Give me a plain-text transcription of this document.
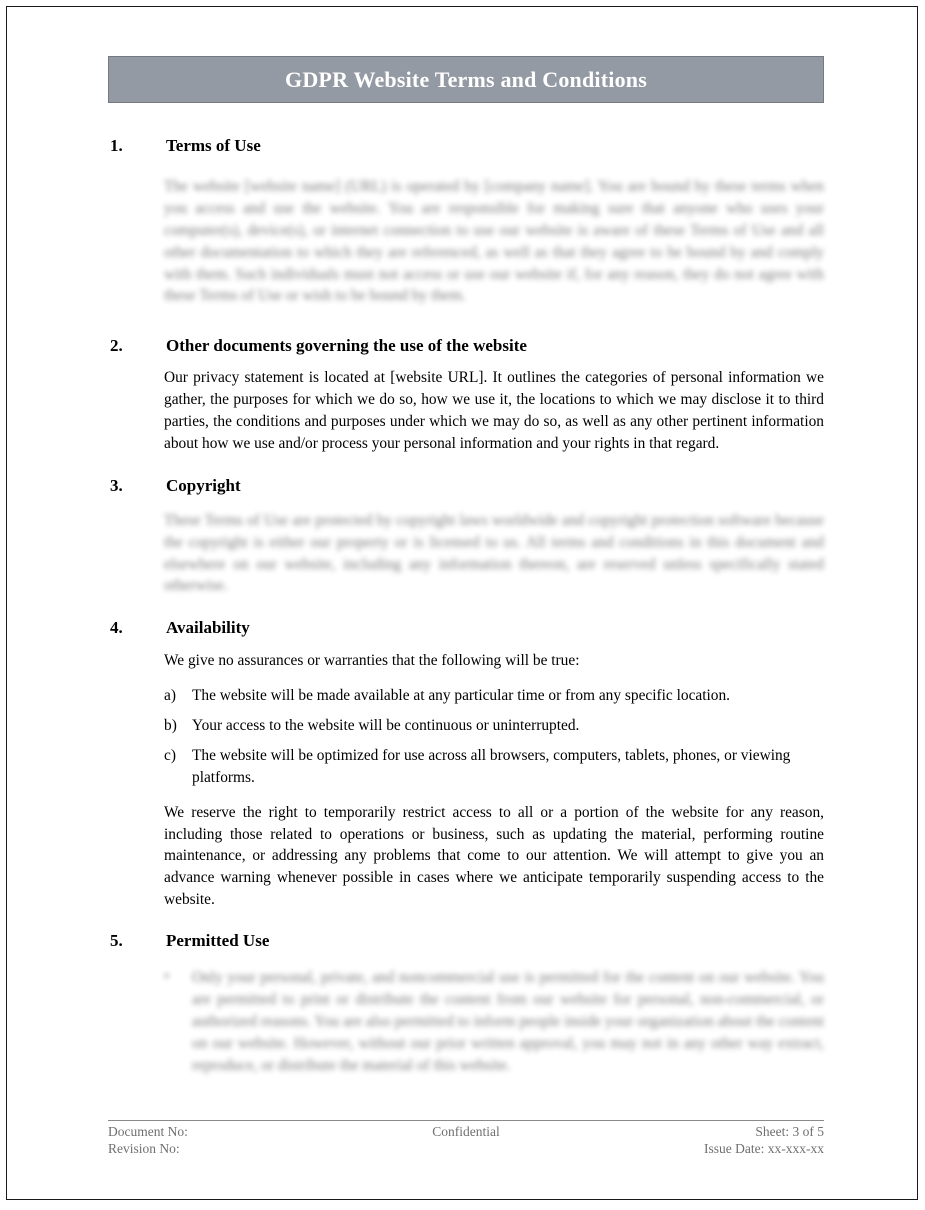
GDPR Website Terms and Conditions
1.	Terms of Use

The website [website name] (URL) is operated by [company name]. You are bound by these terms when you access and use the website. You are responsible for making sure that anyone who uses your computer(s), device(s), or internet connection to use our website is aware of these Terms of Use and all other documentation to which they are referenced, as well as that they agree to be bound by and comply with them. Such individuals must not access or use our website if, for any reason, they do not agree with these Terms of Use or wish to be bound by them.

2.	Other documents governing the use of the website

Our privacy statement is located at [website URL]. It outlines the categories of personal information we gather, the purposes for which we do so, how we use it, the locations to which we may disclose it to third parties, the conditions and purposes under which we may do so, as well as any other pertinent information about how we use and/or process your personal information and your rights in that regard.

3.	Copyright

These Terms of Use are protected by copyright laws worldwide and copyright protection software because the copyright is either our property or is licensed to us. All terms and conditions in this document and elsewhere on our website, including any information thereon, are reserved unless specifically stated otherwise.

4.	Availability

We give no assurances or warranties that the following will be true:

a)	The website will be made available at any particular time or from any specific location.
b) Your access to the website will be continuous or uninterrupted.
c)	The website will be optimized for use across all browsers, computers, tablets, phones, or viewing platforms.

We reserve the right to temporarily restrict access to all or a portion of the website for any reason, including those related to operations or business, such as updating the material, performing routine maintenance, or addressing any problems that come to our attention. We will attempt to give you an advance warning whenever possible in cases where we anticipate temporarily suspending access to the website.

5.	Permitted Use
•	Only your personal, private, and noncommercial use is permitted for the content on our website. You are permitted to print or distribute the content from our website for personal, non-commercial, or authorized reasons. You are also permitted to inform people inside your organization about the content on our website. However, without our prior written approval, you may not in any other way extract, reproduce, or distribute the material of this website.
Document No:
Revision No:
Confidential	Sheet: 3 of 5
Issue Date: xx-xxx-xx
